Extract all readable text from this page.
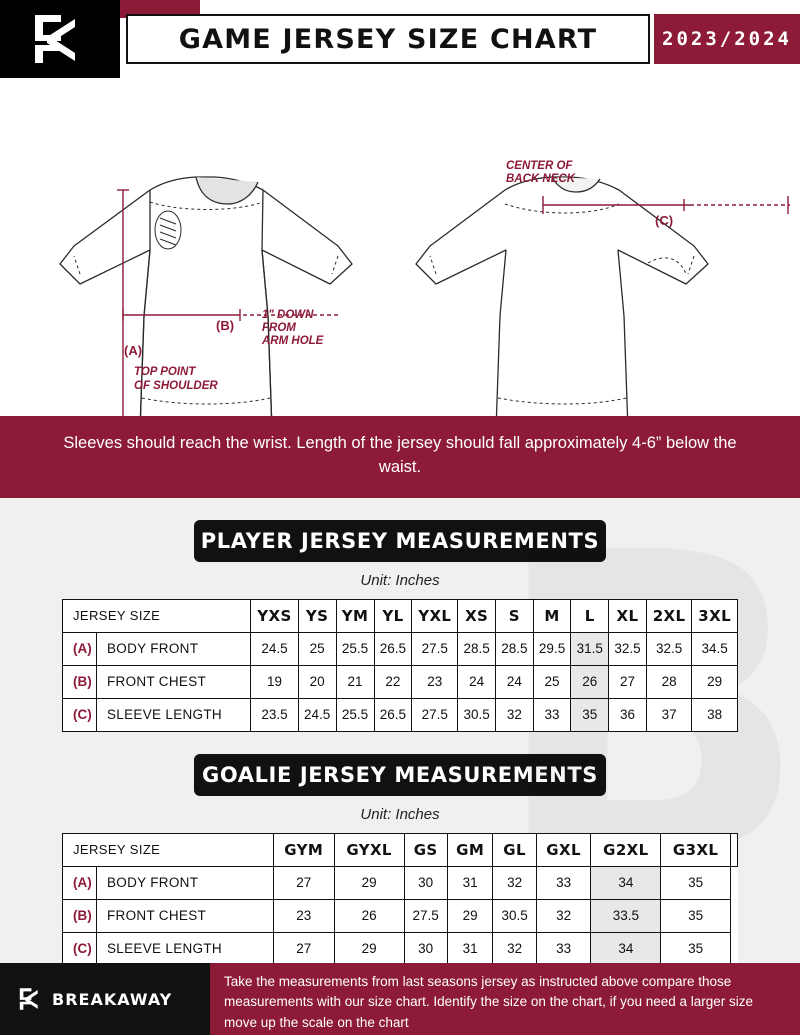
GAME JERSEY SIZE CHART	2023/2024
CENTER OF
BACK NECK
(C)
(B)
(A)
1" DOWN
FROM
ARM HOLE
TOP POINT
OF SHOULDER
Sleeves should reach the wrist. Length of the jersey should fall approximately 4-6” below the waist.
PLAYER JERSEY MEASUREMENTS
Unit: Inches
JERSEY SIZE		YXS	YS	YM	YL	YXL	XS	S	M	L	XL	2XL	3XL
(A)	BODY FRONT	24.5	25	25.5	26.5	27.5	28.5	28.5	29.5	31.5	32.5	32.5	34.5
(B)	FRONT CHEST	19	20	21	22	23	24	24	25	26	27	28	29
(C)	SLEEVE LENGTH	23.5	24.5	25.5	26.5	27.5	30.5	32	33	35	36	37	38
GOALIE JERSEY MEASUREMENTS
Unit: Inches
JERSEY SIZE		GYM	GYXL	GS	GM	GL	GXL	G2XL	G3XL	
(A)	BODY FRONT	27	29	30	31	32	33	34	35	
(B)	FRONT CHEST	23	26	27.5	29	30.5	32	33.5	35	
(C)	SLEEVE LENGTH	27	29	30	31	32	33	34	35	
BREAKAWAY
Take the measurements from last seasons jersey as instructed above compare those measurements with our size chart. Identify the size on the chart, if you need a larger size move up the scale on the chart
